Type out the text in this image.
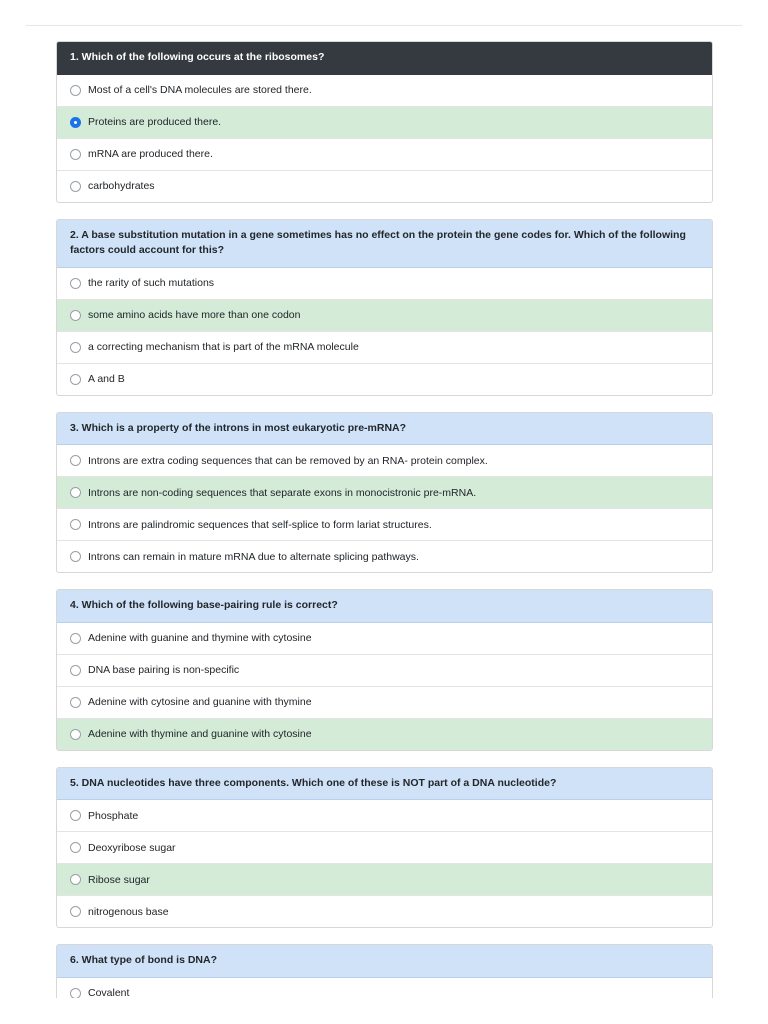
1. Which of the following occurs at the ribosomes?
Most of a cell's DNA molecules are stored there.
Proteins are produced there.
mRNA are produced there.
carbohydrates
2. A base substitution mutation in a gene sometimes has no effect on the protein the gene codes for. Which of the following factors could account for this?
the rarity of such mutations
some amino acids have more than one codon
a correcting mechanism that is part of the mRNA molecule
A and B
3. Which is a property of the introns in most eukaryotic pre-mRNA?
Introns are extra coding sequences that can be removed by an RNA- protein complex.
Introns are non-coding sequences that separate exons in monocistronic pre-mRNA.
Introns are palindromic sequences that self-splice to form lariat structures.
Introns can remain in mature mRNA due to alternate splicing pathways.
4. Which of the following base-pairing rule is correct?
Adenine with guanine and thymine with cytosine
DNA base pairing is non-specific
Adenine with cytosine and guanine with thymine
Adenine with thymine and guanine with cytosine
5. DNA nucleotides have three components. Which one of these is NOT part of a DNA nucleotide?
Phosphate
Deoxyribose sugar
Ribose sugar
nitrogenous base
6. What type of bond is DNA?
Covalent
